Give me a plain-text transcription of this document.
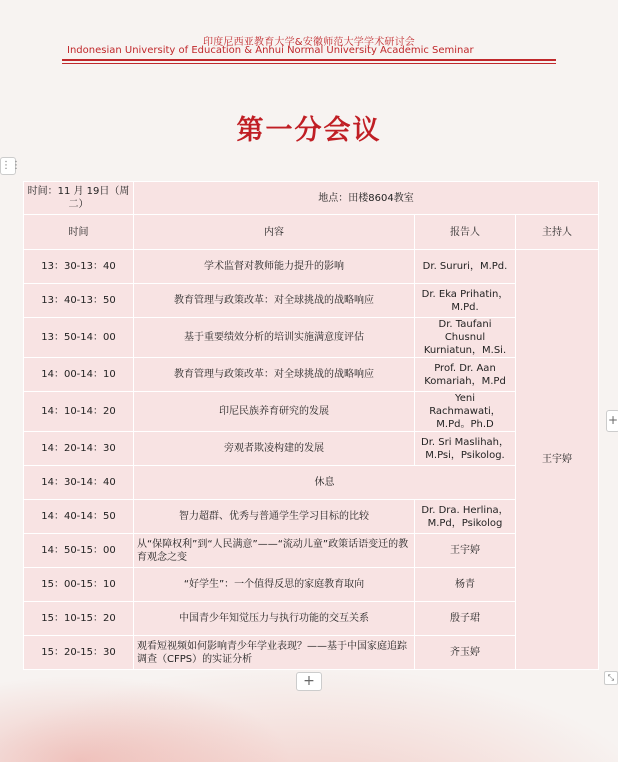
印度尼西亚教育大学&安徽师范大学学术研讨会
Indonesian University of Education & Anhui Normal University Academic Seminar
第一分会议
⋮⋮
时间：11 月 19日（周二）	地点：田楼8604教室		
时间	内容	报告人	主持人
13：30-13：40	学术监督对教师能力提升的影响	Dr. Sururi，M.Pd.	王宇婷
13：40-13：50	教育管理与政策改革：对全球挑战的战略响应	Dr. Eka Prihatin，M.Pd.	
13：50-14：00	基于重要绩效分析的培训实施满意度评估	Dr. Taufani Chusnul Kurniatun，M.Si.	
14：00-14：10	教育管理与政策改革：对全球挑战的战略响应	Prof. Dr. Aan Komariah，M.Pd	
14：10-14：20	印尼民族养育研究的发展	Yeni Rachmawati，M.Pd。Ph.D	
14：20-14：30	旁观者欺凌构建的发展	Dr. Sri Maslihah，M.Psi，Psikolog.	
14：30-14：40	休息		
14：40-14：50	智力超群、优秀与普通学生学习目标的比较	Dr. Dra. Herlina，M.Pd，Psikolog	
14：50-15：00	从“保障权利”到“人民满意”——“流动儿童”政策话语变迁的教育观念之变	王宇婷	
15：00-15：10	“好学生”：一个值得反思的家庭教育取向	杨青	
15：10-15：20	中国青少年知觉压力与执行功能的交互关系	殷子珺	
15：20-15：30	观看短视频如何影响青少年学业表现？——基于中国家庭追踪调查（CFPS）的实证分析	齐玉婷	
+
+
⤡
